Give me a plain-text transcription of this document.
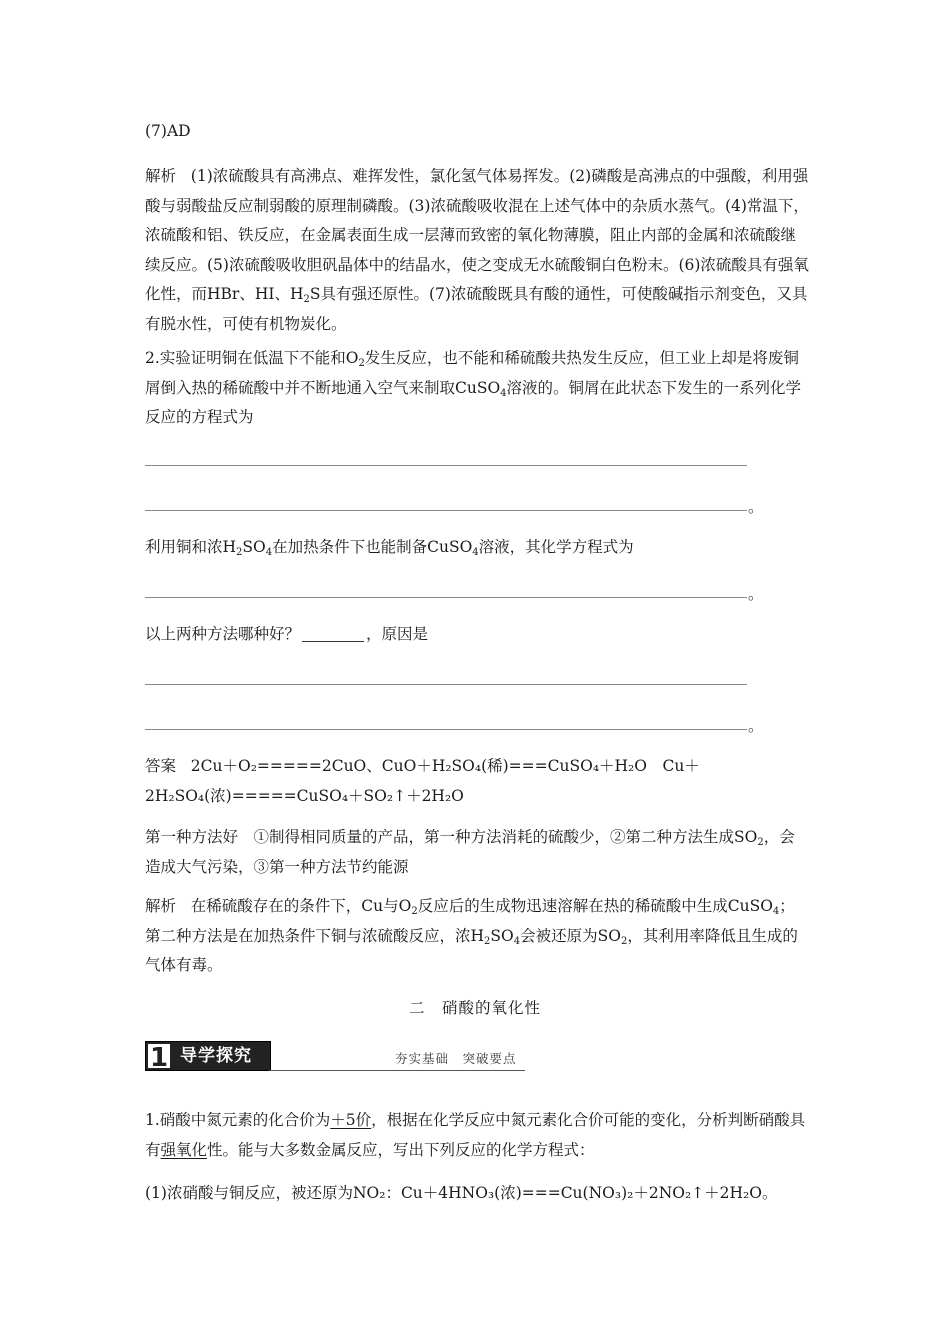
(7)AD
解析 (1)浓硫酸具有高沸点、难挥发性，氯化氢气体易挥发。(2)磷酸是高沸点的中强酸，利用强酸与弱酸盐反应制弱酸的原理制磷酸。(3)浓硫酸吸收混在上述气体中的杂质水蒸气。(4)常温下，浓硫酸和铝、铁反应，在金属表面生成一层薄而致密的氧化物薄膜，阻止内部的金属和浓硫酸继续反应。(5)浓硫酸吸收胆矾晶体中的结晶水，使之变成无水硫酸铜白色粉末。(6)浓硫酸具有强氧化性，而HBr、HI、$H_2S$具有强还原性。(7)浓硫酸既具有酸的通性，可使酸碱指示剂变色，又具有脱水性，可使有机物炭化。
2.实验证明铜在低温下不能和$O_2$发生反应，也不能和稀硫酸共热发生反应，但工业上却是将废铜屑倒入热的稀硫酸中并不断地通入空气来制取CuSO$_4$溶液的。铜屑在此状态下发生的一系列化学反应的方程式为
。
利用铜和浓$H_2SO_4$在加热条件下也能制备CuSO$_4$溶液，其化学方程式为
。
以上两种方法哪种好？	，原因是
。
答案 2Cu＋O₂=====2CuO、CuO＋H₂SO₄(稀)===CuSO₄＋H₂O　Cu＋2H₂SO₄(浓)=====CuSO₄＋SO₂↑＋2H₂O
第一种方法好　①制得相同质量的产品，第一种方法消耗的硫酸少，②第二种方法生成$SO_2$，会造成大气污染，③第一种方法节约能源
解析 在稀硫酸存在的条件下，Cu与$O_2$反应后的生成物迅速溶解在热的稀硫酸中生成CuSO$_4$；第二种方法是在加热条件下铜与浓硫酸反应，浓$H_2SO_4$会被还原为$SO_2$，其利用率降低且生成的气体有毒。
二　硝酸的氧化性
1 导学探究	夯实基础　突破要点
1.硝酸中氮元素的化合价为＋5价，根据在化学反应中氮元素化合价可能的变化，分析判断硝酸具有强氧化性。能与大多数金属反应，写出下列反应的化学方程式：
(1)浓硝酸与铜反应，被还原为NO₂：Cu＋4HNO₃(浓)===Cu(NO₃)₂＋2NO₂↑＋2H₂O。
